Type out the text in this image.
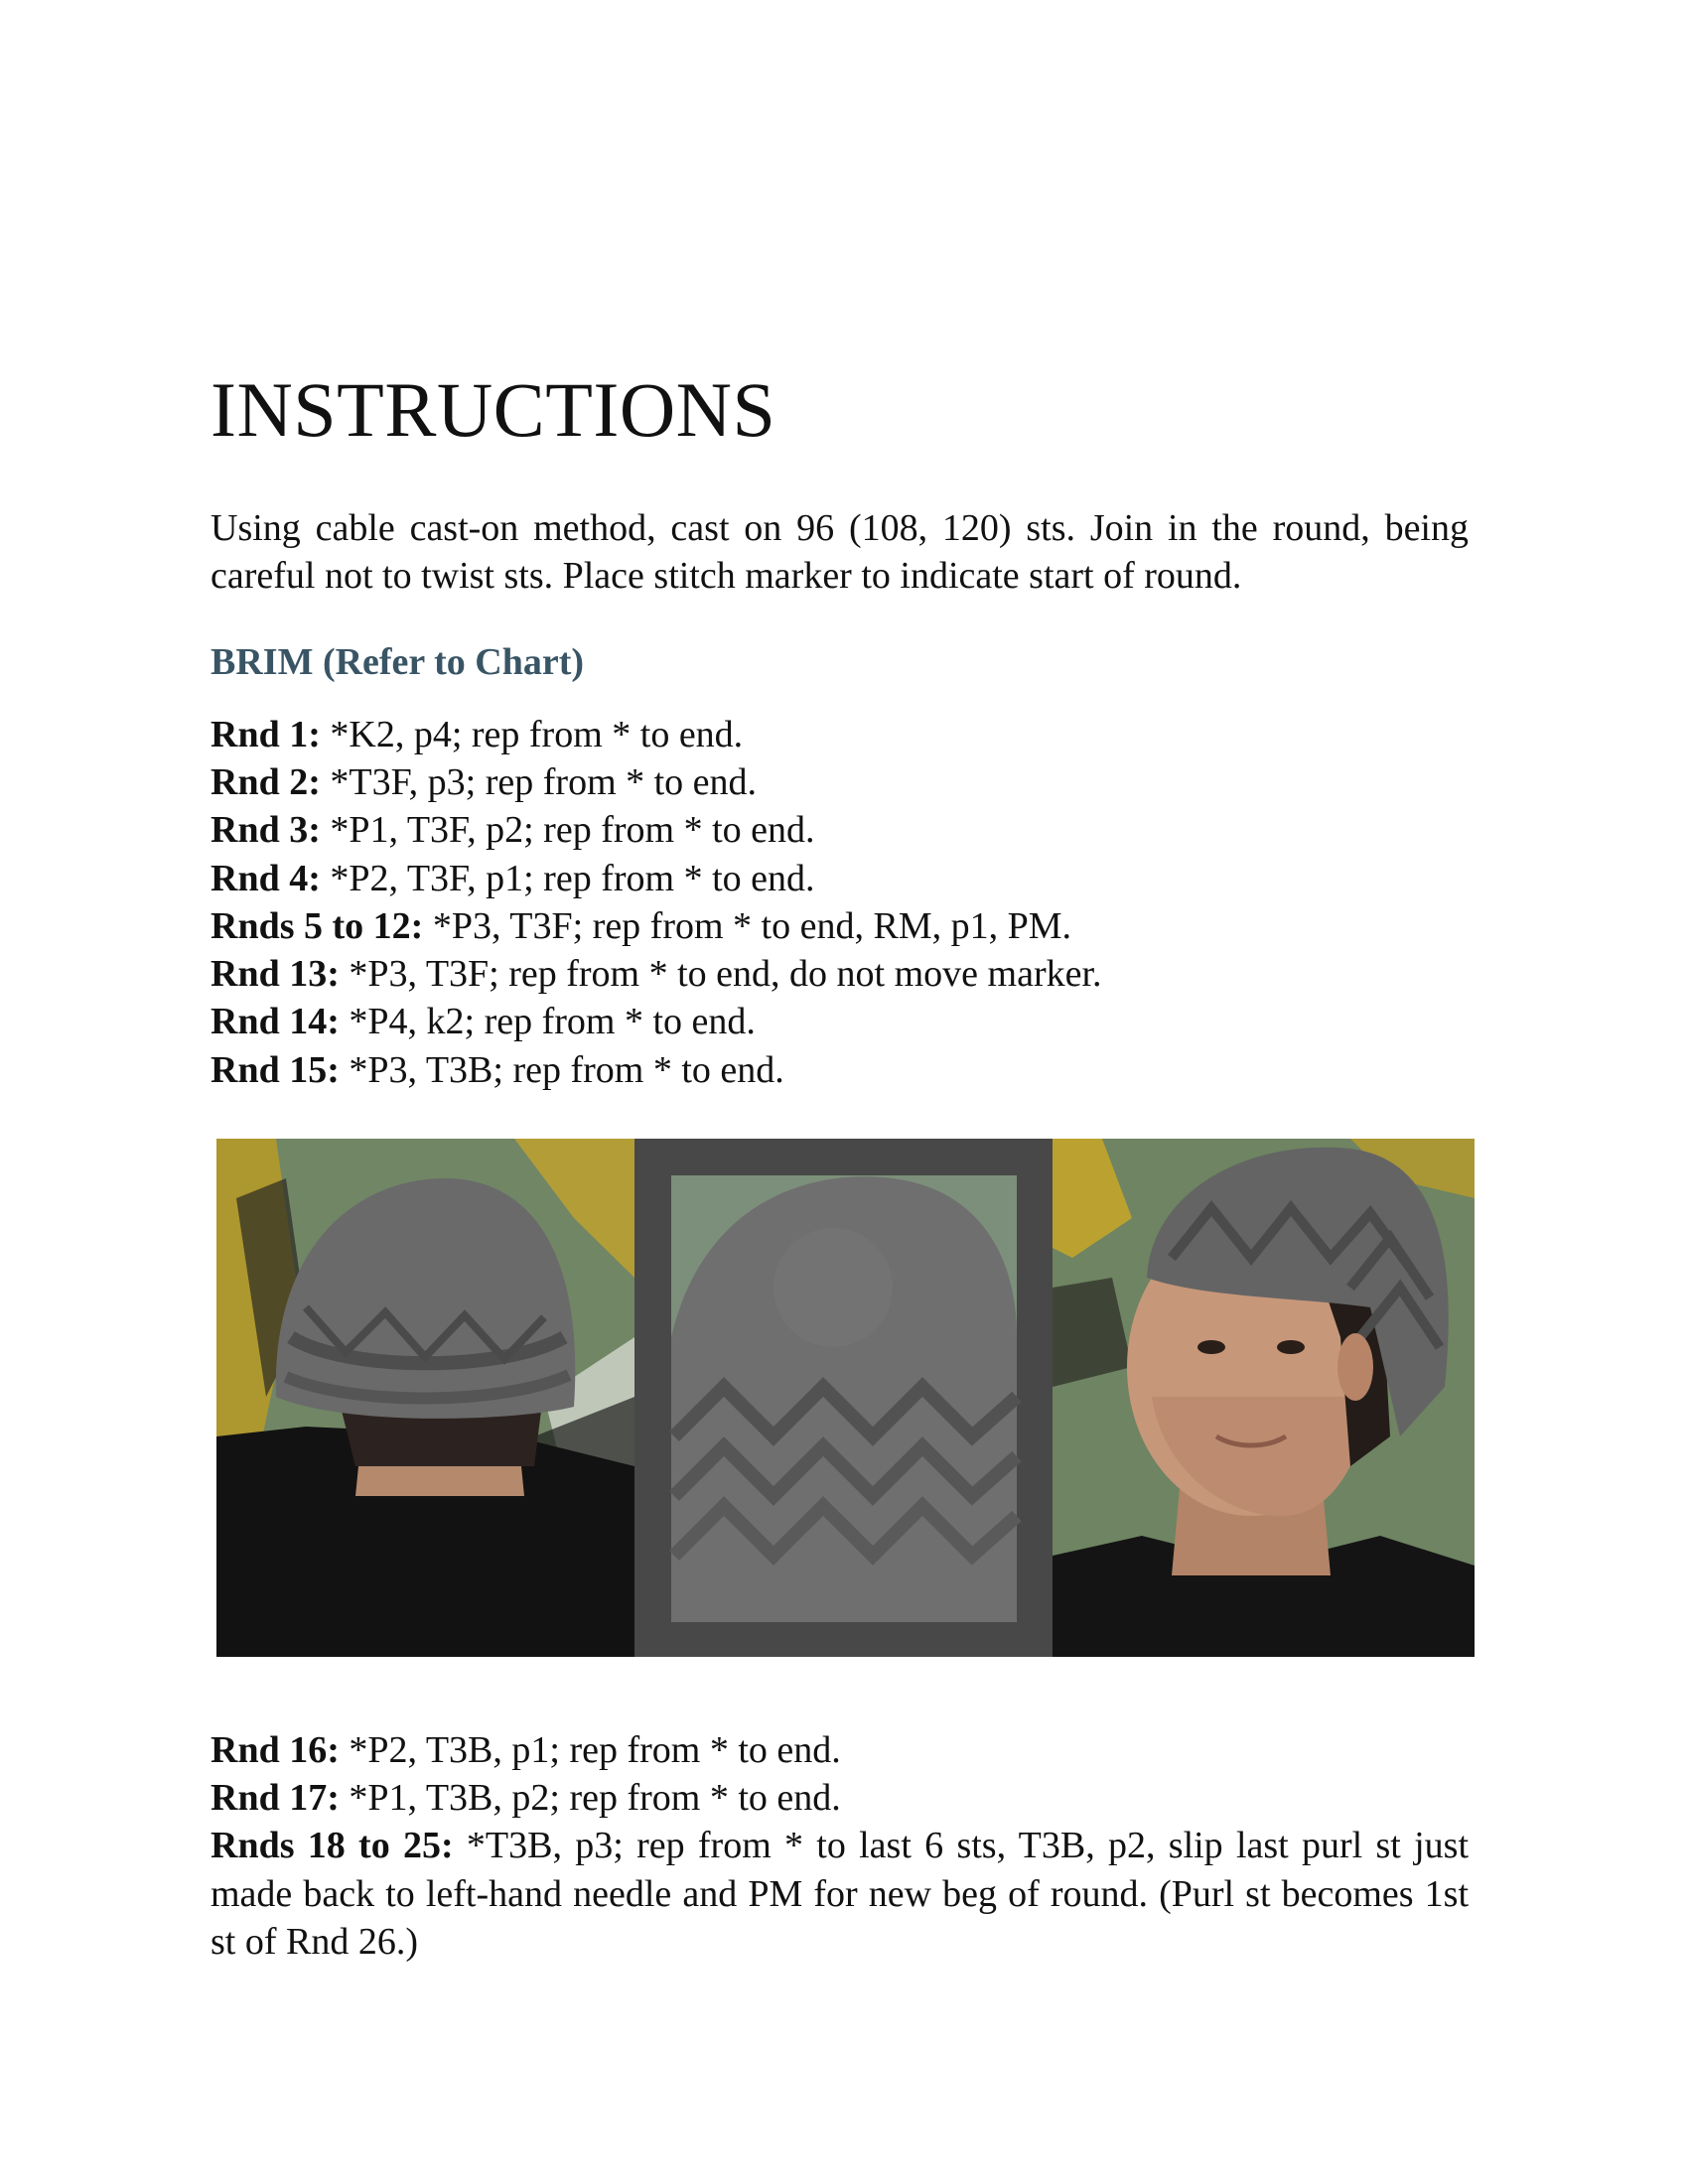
INSTRUCTIONS

Using cable cast-on method, cast on 96 (108, 120) sts. Join in the round, being careful not to twist sts. Place stitch marker to indicate start of round.

BRIM (Refer to Chart)

Rnd 1: *K2, p4; rep from * to end.

Rnd 2: *T3F, p3; rep from * to end.

Rnd 3: *P1, T3F, p2; rep from * to end.

Rnd 4: *P2, T3F, p1; rep from * to end.

Rnds 5 to 12: *P3, T3F; rep from * to end, RM, p1, PM.

Rnd 13: *P3, T3F; rep from * to end, do not move marker.

Rnd 14: *P4, k2; rep from * to end.

Rnd 15: *P3, T3B; rep from * to end.

Rnd 16: *P2, T3B, p1; rep from * to end.

Rnd 17: *P1, T3B, p2; rep from * to end.

Rnds 18 to 25: *T3B, p3; rep from * to last 6 sts, T3B, p2, slip last purl st just made back to left-hand needle and PM for new beg of round. (Purl st becomes 1st st of Rnd 26.)
